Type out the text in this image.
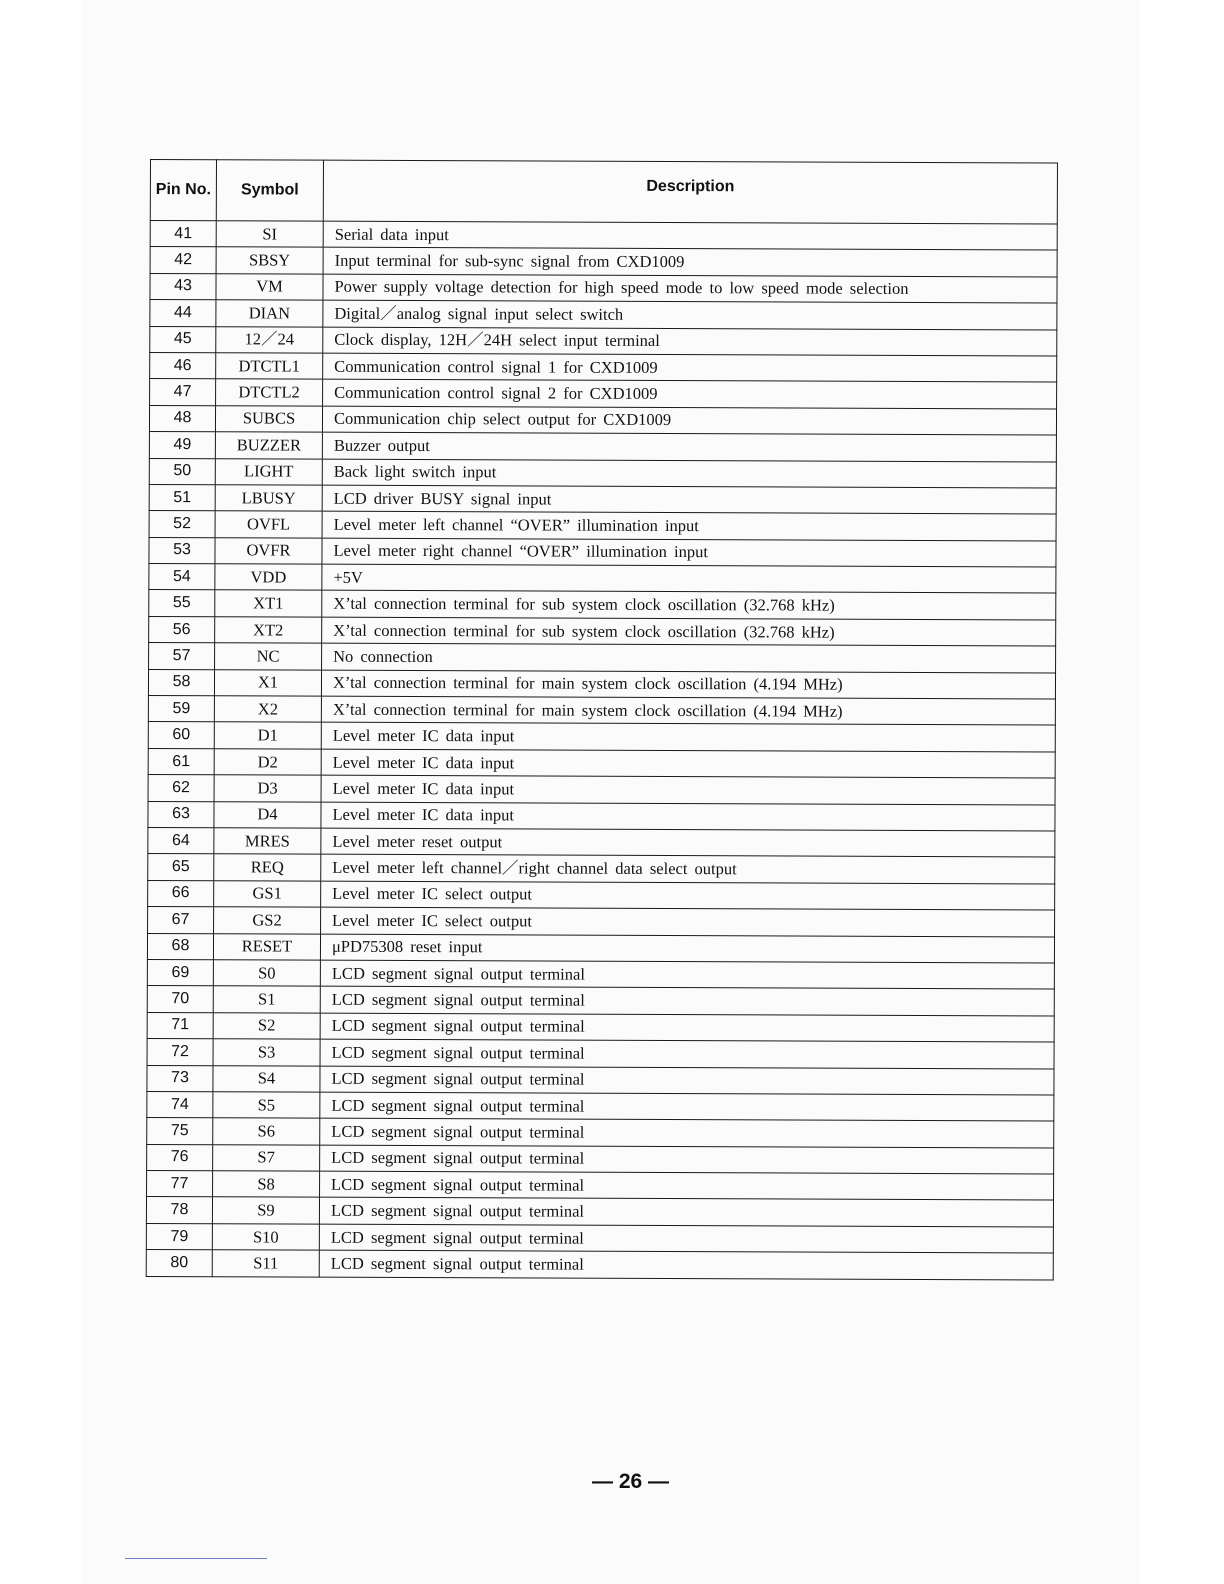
Pin No.	Symbol	Description
41	SI	Serial data input
42	SBSY	Input terminal for sub-sync signal from CXD1009
43	VM	Power supply voltage detection for high speed mode to low speed mode selection
44	DIAN	Digital／analog signal input select switch
45	12／24	Clock display, 12H／24H select input terminal
46	DTCTL1	Communication control signal 1 for CXD1009
47	DTCTL2	Communication control signal 2 for CXD1009
48	SUBCS	Communication chip select output for CXD1009
49	BUZZER	Buzzer output
50	LIGHT	Back light switch input
51	LBUSY	LCD driver BUSY signal input
52	OVFL	Level meter left channel “OVER” illumination input
53	OVFR	Level meter right channel “OVER” illumination input
54	VDD	+5V
55	XT1	X’tal connection terminal for sub system clock oscillation (32.768 kHz)
56	XT2	X’tal connection terminal for sub system clock oscillation (32.768 kHz)
57	NC	No connection
58	X1	X’tal connection terminal for main system clock oscillation (4.194 MHz)
59	X2	X’tal connection terminal for main system clock oscillation (4.194 MHz)
60	D1	Level meter IC data input
61	D2	Level meter IC data input
62	D3	Level meter IC data input
63	D4	Level meter IC data input
64	MRES	Level meter reset output
65	REQ	Level meter left channel／right channel data select output
66	GS1	Level meter IC select output
67	GS2	Level meter IC select output
68	RESET	μPD75308 reset input
69	S0	LCD segment signal output terminal
70	S1	LCD segment signal output terminal
71	S2	LCD segment signal output terminal
72	S3	LCD segment signal output terminal
73	S4	LCD segment signal output terminal
74	S5	LCD segment signal output terminal
75	S6	LCD segment signal output terminal
76	S7	LCD segment signal output terminal
77	S8	LCD segment signal output terminal
78	S9	LCD segment signal output terminal
79	S10	LCD segment signal output terminal
80	S11	LCD segment signal output terminal
— 26 —
